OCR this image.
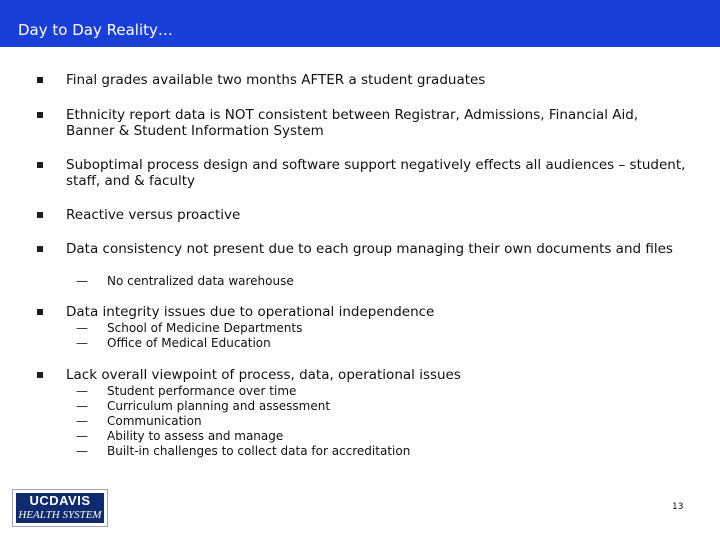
Day to Day Reality…
Final grades available two months AFTER a student graduates
Ethnicity report data is NOT consistent between Registrar, Admissions, Financial Aid, Banner & Student Information System
Suboptimal process design and software support negatively effects all audiences – student, staff, and & faculty
Reactive versus proactive
Data consistency not present due to each group managing their own documents and files
— No centralized data warehouse
Data integrity issues due to operational independence
— School of Medicine Departments
— Office of Medical Education
Lack overall viewpoint of process, data, operational issues
— Student performance over time
— Curriculum planning and assessment
— Communication
— Ability to assess and manage
— Built-in challenges to collect data for accreditation
UCDAVIS
HEALTH SYSTEM
13
